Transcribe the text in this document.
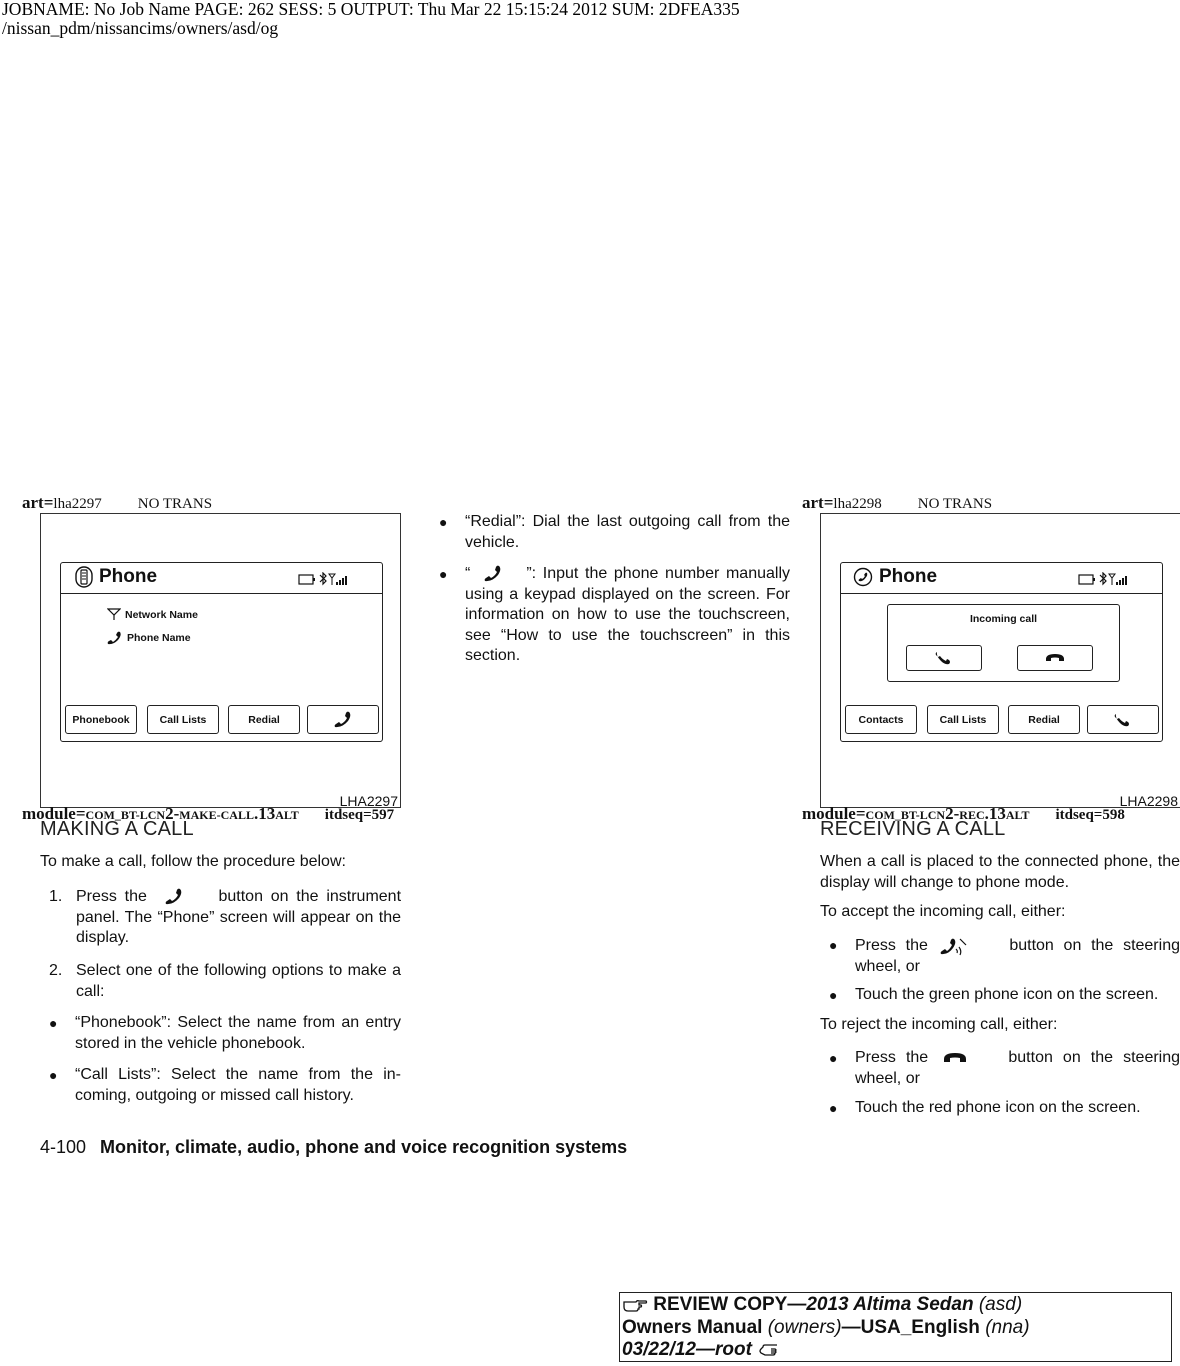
JOBNAME: No Job Name PAGE: 262 SESS: 5 OUTPUT: Thu Mar 22 15:15:24 2012 SUM: 2DFEA335
/nissan_pdm/nissancims/owners/asd/og
art=lha2297 NO TRANS
Phone
Network Name
Phone Name
Phonebook	Call Lists	Redial
LHA2297
art=lha2298 NO TRANS
Phone
Incoming call
Contacts	Call Lists	Redial
LHA2298
module=COM_BT-LCN2-MAKE-CALL.13ALT itdseq=597	module=COM_BT-LCN2-REC.13ALT itdseq=598
MAKING A CALL
To make a call, follow the procedure below:
1. Press the	button on the instrument panel. The “Phone” screen will appear on the display.
2. Select one of the following options to make a call:
● “Phonebook”: Select the name from an entry stored in the vehicle phonebook.
● “Call Lists”: Select the name from the in-coming, outgoing or missed call history.
● “Redial”: Dial the last outgoing call from the vehicle.
● “	”: Input the phone number manually using a keypad displayed on the screen. For information on how to use the touchscreen, see “How to use the touchscreen” in this section.
RECEIVING A CALL
When a call is placed to the connected phone, the display will change to phone mode.
To accept the incoming call, either:
● Press the	button on the steering wheel, or
● Touch the green phone icon on the screen.
To reject the incoming call, either:
● Press the	button on the steering wheel, or
● Touch the red phone icon on the screen.
4-100 Monitor, climate, audio, phone and voice recognition systems
REVIEW COPY—2013 Altima Sedan (asd)
Owners Manual (owners)—USA_English (nna)
03/22/12—root
